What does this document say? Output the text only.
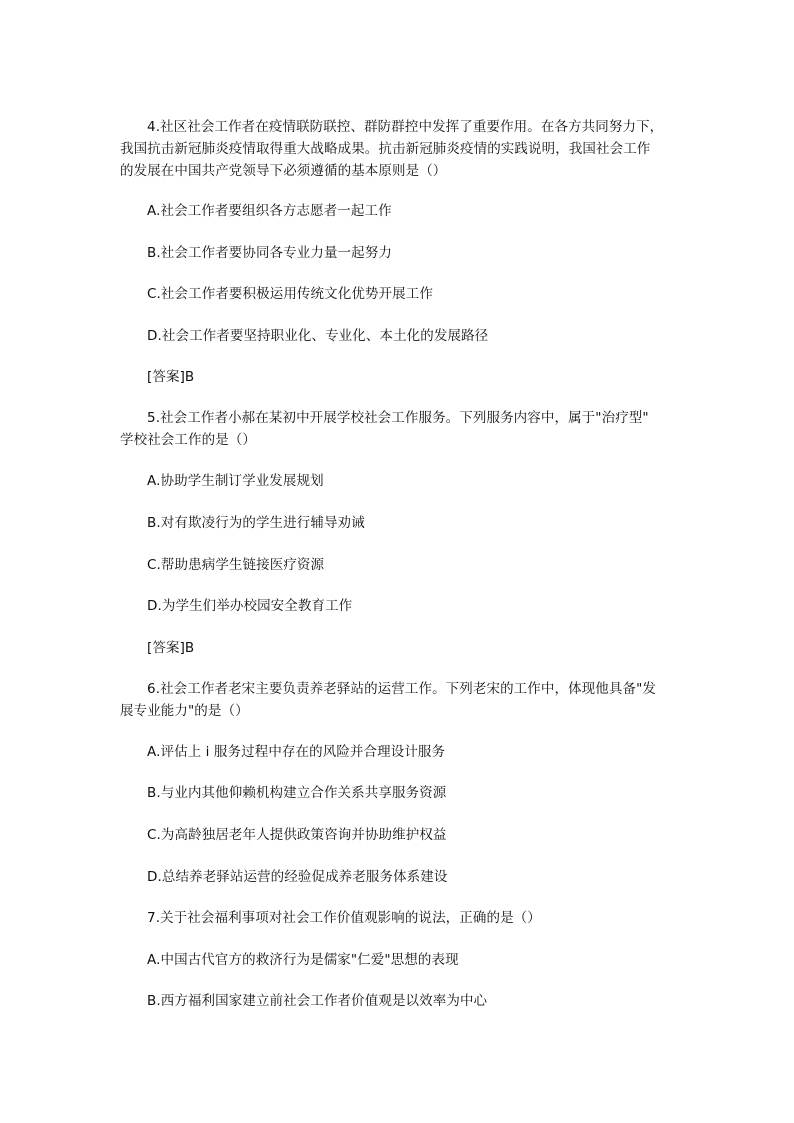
4.社区社会工作者在疫情联防联控、群防群控中发挥了重要作用。在各方共同努力下，
我国抗击新冠肺炎疫情取得重大战略成果。抗击新冠肺炎疫情的实践说明，我国社会工作
的发展在中国共产党领导下必须遵循的基本原则是（）
A.社会工作者要组织各方志愿者一起工作
B.社会工作者要协同各专业力量一起努力
C.社会工作者要积极运用传统文化优势开展工作
D.社会工作者要坚持职业化、专业化、本土化的发展路径
[答案]B
5.社会工作者小郝在某初中开展学校社会工作服务。下列服务内容中，属于"治疗型"
学校社会工作的是（）
A.协助学生制订学业发展规划
B.对有欺凌行为的学生进行辅导劝诫
C.帮助患病学生链接医疗资源
D.为学生们举办校园安全教育工作
[答案]B
6.社会工作者老宋主要负责养老驿站的运营工作。下列老宋的工作中，体现他具备"发
展专业能力"的是（）
A.评估上 i 服务过程中存在的风险并合理设计服务
B.与业内其他仰赖机构建立合作关系共享服务资源
C.为高龄独居老年人提供政策咨询并协助维护权益
D.总结养老驿站运营的经验促成养老服务体系建设
7.关于社会福利事项对社会工作价值观影响的说法，正确的是（）
A.中国古代官方的救济行为是儒家"仁爱"思想的表现
B.西方福利国家建立前社会工作者价值观是以效率为中心
